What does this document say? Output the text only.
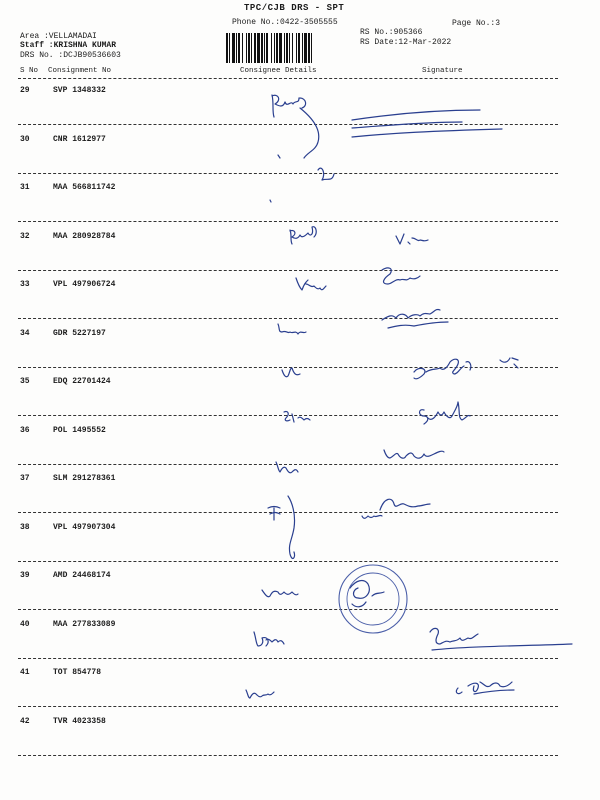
TPC/CJB DRS - SPT
Phone No.:0422-3505555	Page No.:3
RS No.:905366
RS Date:12-Mar-2022
Area :VELLAMADAI
Staff :KRISHNA KUMAR
DRS No. :DCJB90536603
S No Consignment No	Consignee Details	Signature
29	SVP 1348332
30	CNR 1612977
31	MAA 566811742
32	MAA 280928784
33	VPL 497906724
34	GDR 5227197
35	EDQ 22701424
36	POL 1495552
37	SLM 291278361
38	VPL 497907304
39	AMD 24468174
40	MAA 277833089
41	TOT 854778
42	TVR 4023358
